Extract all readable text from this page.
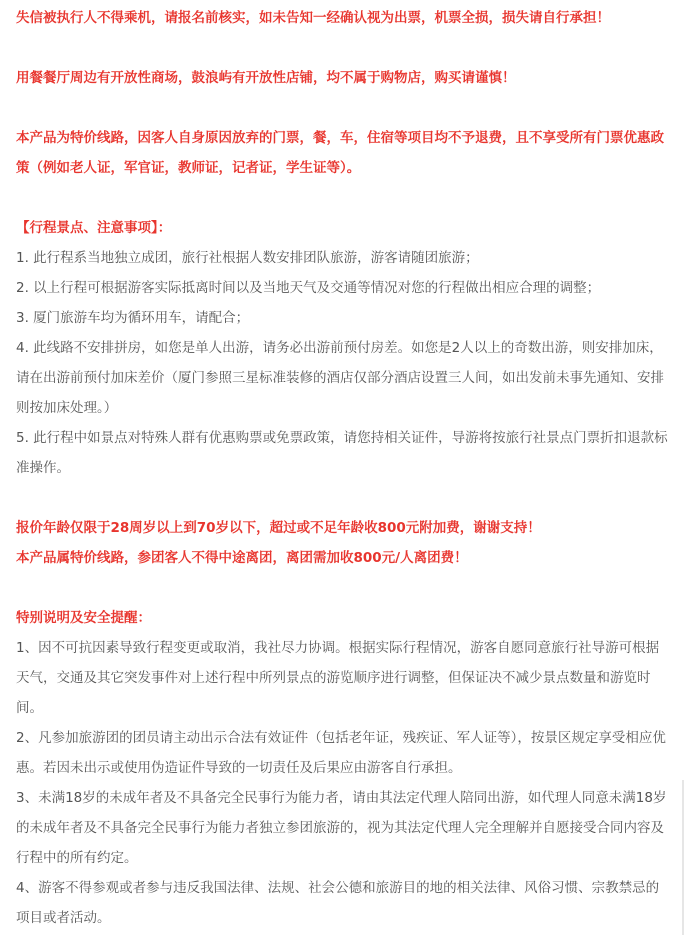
失信被执行人不得乘机，请报名前核实，如未告知一经确认视为出票，机票全损，损失请自行承担！

用餐餐厅周边有开放性商场，鼓浪屿有开放性店铺，均不属于购物店，购买请谨慎！

本产品为特价线路，因客人自身原因放弃的门票，餐，车，住宿等项目均不予退费，且不享受所有门票优惠政策（例如老人证，军官证，教师证，记者证，学生证等）。

【行程景点、注意事项】：

1. 此行程系当地独立成团，旅行社根据人数安排团队旅游，游客请随团旅游；

2. 以上行程可根据游客实际抵离时间以及当地天气及交通等情况对您的行程做出相应合理的调整；

3. 厦门旅游车均为循环用车，请配合；

4. 此线路不安排拼房，如您是单人出游，请务必出游前预付房差。如您是2人以上的奇数出游，则安排加床，请在出游前预付加床差价（厦门参照三星标准装修的酒店仅部分酒店设置三人间，如出发前未事先通知、安排则按加床处理。）

5. 此行程中如景点对特殊人群有优惠购票或免票政策，请您持相关证件，导游将按旅行社景点门票折扣退款标准操作。

报价年龄仅限于28周岁以上到70岁以下，超过或不足年龄收800元附加费，谢谢支持！

本产品属特价线路，参团客人不得中途离团，离团需加收800元/人离团费！

特别说明及安全提醒：

1、因不可抗因素导致行程变更或取消，我社尽力协调。根据实际行程情况，游客自愿同意旅行社导游可根据天气，交通及其它突发事件对上述行程中所列景点的游览顺序进行调整，但保证决不减少景点数量和游览时间。

2、凡参加旅游团的团员请主动出示合法有效证件（包括老年证，残疾证、军人证等），按景区规定享受相应优惠。若因未出示或使用伪造证件导致的一切责任及后果应由游客自行承担。

3、未满18岁的未成年者及不具备完全民事行为能力者，请由其法定代理人陪同出游，如代理人同意未满18岁的未成年者及不具备完全民事行为能力者独立参团旅游的，视为其法定代理人完全理解并自愿接受合同内容及行程中的所有约定。

4、游客不得参观或者参与违反我国法律、法规、社会公德和旅游目的地的相关法律、风俗习惯、宗教禁忌的项目或者活动。
